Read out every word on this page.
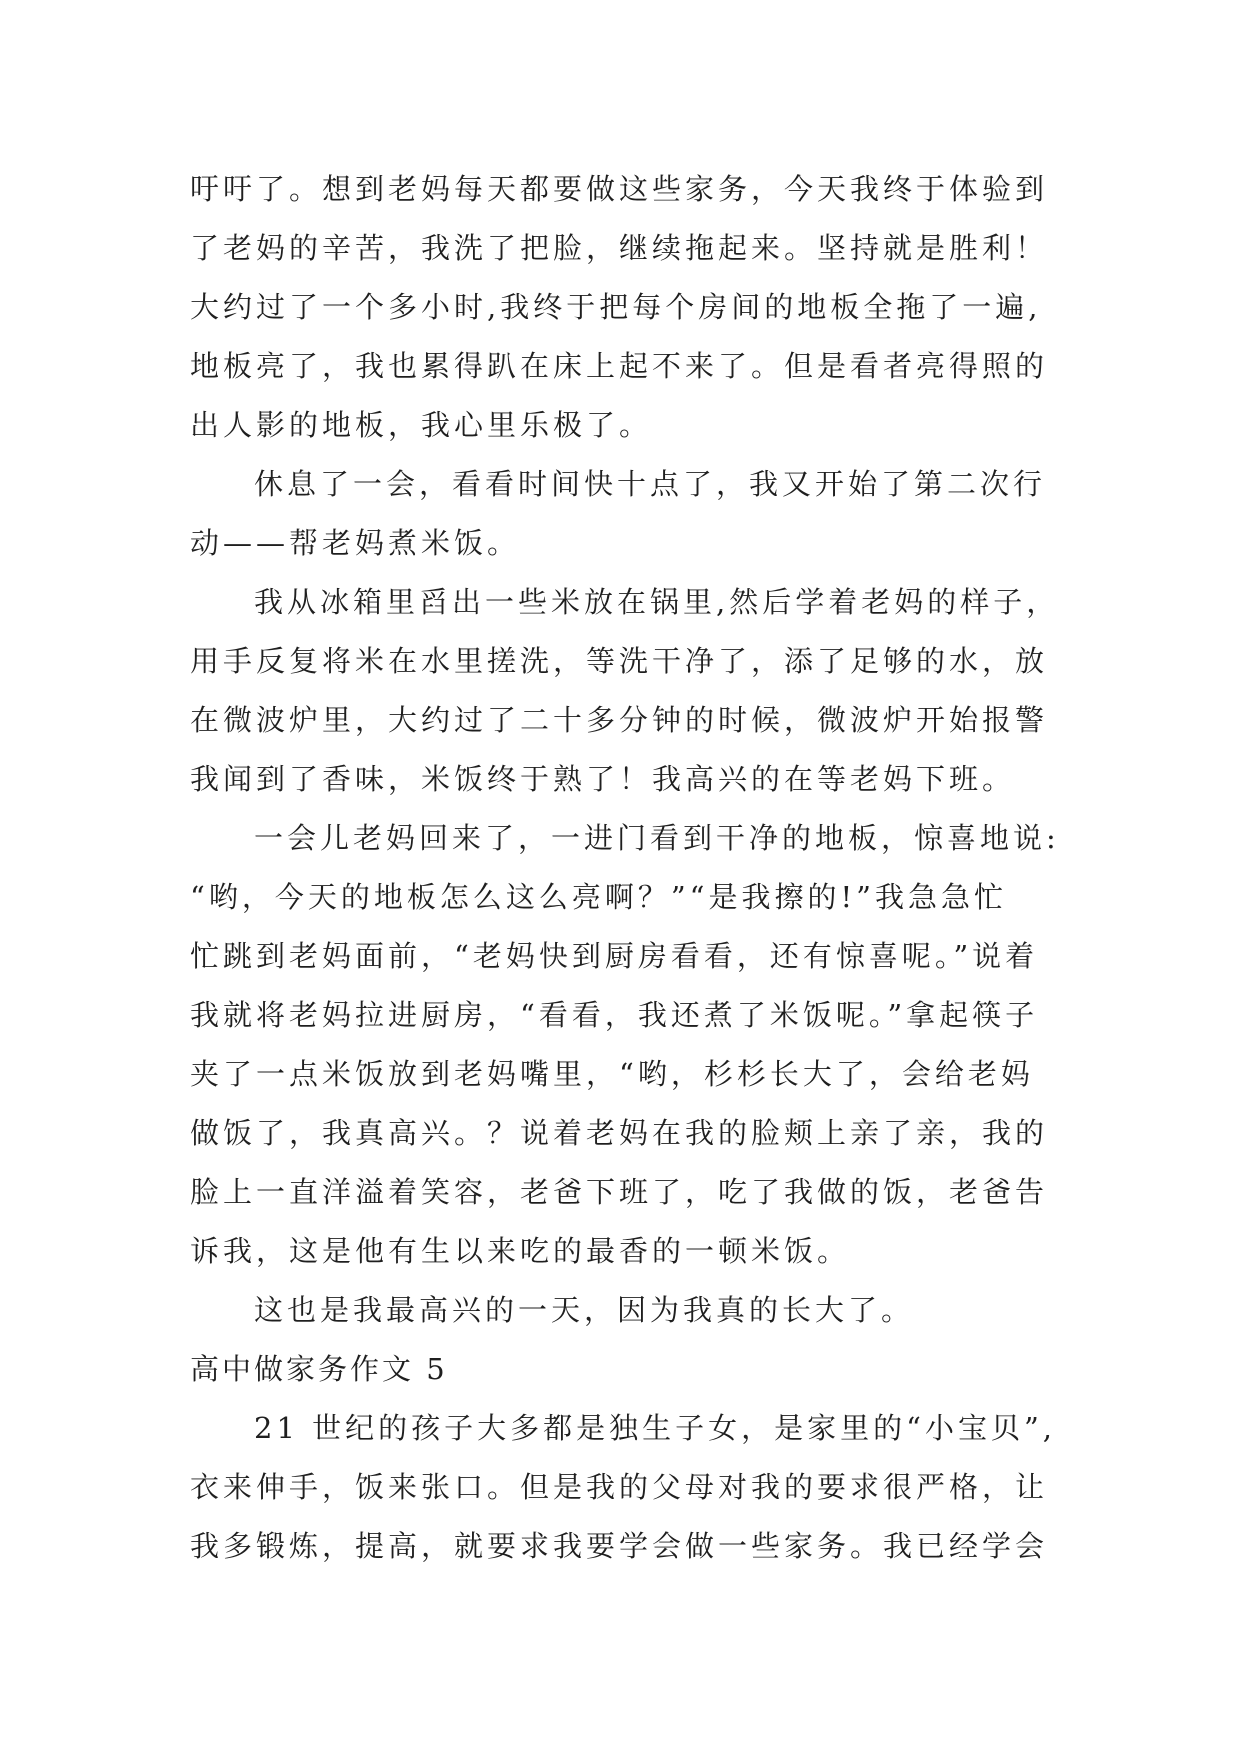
吁吁了。想到老妈每天都要做这些家务，今天我终于体验到
了老妈的辛苦，我洗了把脸，继续拖起来。坚持就是胜利！
大约过了一个多小时,我终于把每个房间的地板全拖了一遍,
地板亮了，我也累得趴在床上起不来了。但是看者亮得照的
出人影的地板，我心里乐极了。
休息了一会，看看时间快十点了，我又开始了第二次行
动——帮老妈煮米饭。
我从冰箱里舀出一些米放在锅里,然后学着老妈的样子，
用手反复将米在水里搓洗，等洗干净了，添了足够的水，放
在微波炉里，大约过了二十多分钟的时候，微波炉开始报警
我闻到了香味，米饭终于熟了！我高兴的在等老妈下班。
一会儿老妈回来了，一进门看到干净的地板，惊喜地说:
“哟，今天的地板怎么这么亮啊？”“是我擦的!”我急急忙
忙跳到老妈面前，“老妈快到厨房看看，还有惊喜呢。”说着
我就将老妈拉进厨房，“看看，我还煮了米饭呢。”拿起筷子
夹了一点米饭放到老妈嘴里，“哟，杉杉长大了，会给老妈
做饭了，我真高兴。？说着老妈在我的脸颊上亲了亲，我的
脸上一直洋溢着笑容，老爸下班了，吃了我做的饭，老爸告
诉我，这是他有生以来吃的最香的一顿米饭。
这也是我最高兴的一天，因为我真的长大了。
高中做家务作文 5
21 世纪的孩子大多都是独生子女，是家里的“小宝贝”,
衣来伸手，饭来张口。但是我的父母对我的要求很严格，让
我多锻炼，提高，就要求我要学会做一些家务。我已经学会
